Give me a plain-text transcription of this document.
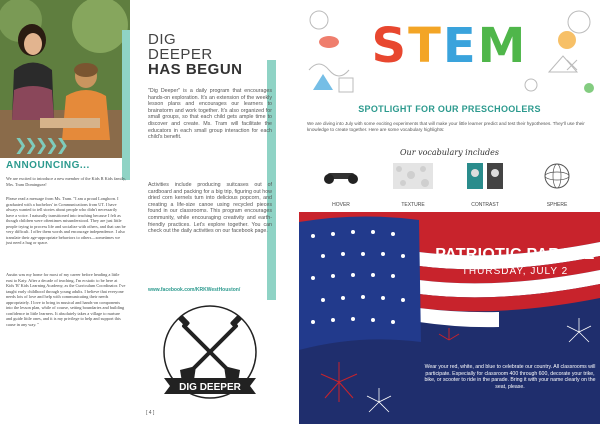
❯❯❯❯❯
ANNOUNCING...

We are excited to introduce a new member of the Kids R Kids family, Mrs. Tram Dominguez!

Please read a message from Ms. Tram. "I am a proud Longhorn. I graduated with a bachelors' in Communications from UT. I have always wanted to tell stories about people who didn't necessarily have a voice. I naturally transitioned into teaching because I felt as though children were oftentimes misunderstood. They are just little people trying to process life and socialize with others, and that can be very difficult. I offer them words and encourage independence. I also translate their age-appropriate behaviors to others—sometimes we just need a hug or space.

Austin was my home for most of my career before heading a little east to Katy. After a decade of teaching, I'm ecstatic to be here at Kids 'R' Kids Learning Academy, as the Curriculum Coordinator. I've taught early childhood through young adults. I believe that everyone needs lots of love and help with communicating their needs appropriately. I love to bring in musical and hands-on components into the lesson plan, while of course, setting boundaries and building confidence in little learners. It absolutely takes a village to nurture and guide little ones, and it is my privilege to help and support this cause in any way. "

DIG
DEEPER
HAS BEGUN

"Dig Deeper" is a daily program that encourages hands-on exploration. It's an extension of the weekly lesson plans and encourages our learners to brainstorm and work together. It's also organized for small groups, so that each child gets ample time to discover and create. Ms. Tram will facilitate the educators in each small group interaction for each child's benefit.

Activities include producing suitcases out of cardboard and packing for a big trip, figuring out how dried corn kernels turn into delicious popcorn, and creating a life-size canoe using recycled pieces found in our classrooms. This program encourages community, while encouraging creativity and earth-friendly practices. Let's explore together. You can check out the daily activities on our facebook page.

www.facebook.com/KRKWestHouston/
DIG DEEPER
[ 4 ]
STEM
SPOTLIGHT FOR OUR PRESCHOOLERS

We are diving into July with some exciting experiments that will make your little learner predict and test their hypotheses. They'll use their knowledge to create together. Here are some vocabulary highlights:

Our vocabulary includes
HOVER	TEXTURE	CONTRAST	SPHERE
PATRIOTIC PARADE
THURSDAY, JULY 2

Wear your red, white, and blue to celebrate our country. All classrooms will participate. Especially for classroom 400 through 600, decorate your trike, bike, or scooter to ride in the parade. Bring it with your name clearly on the seat, please.
